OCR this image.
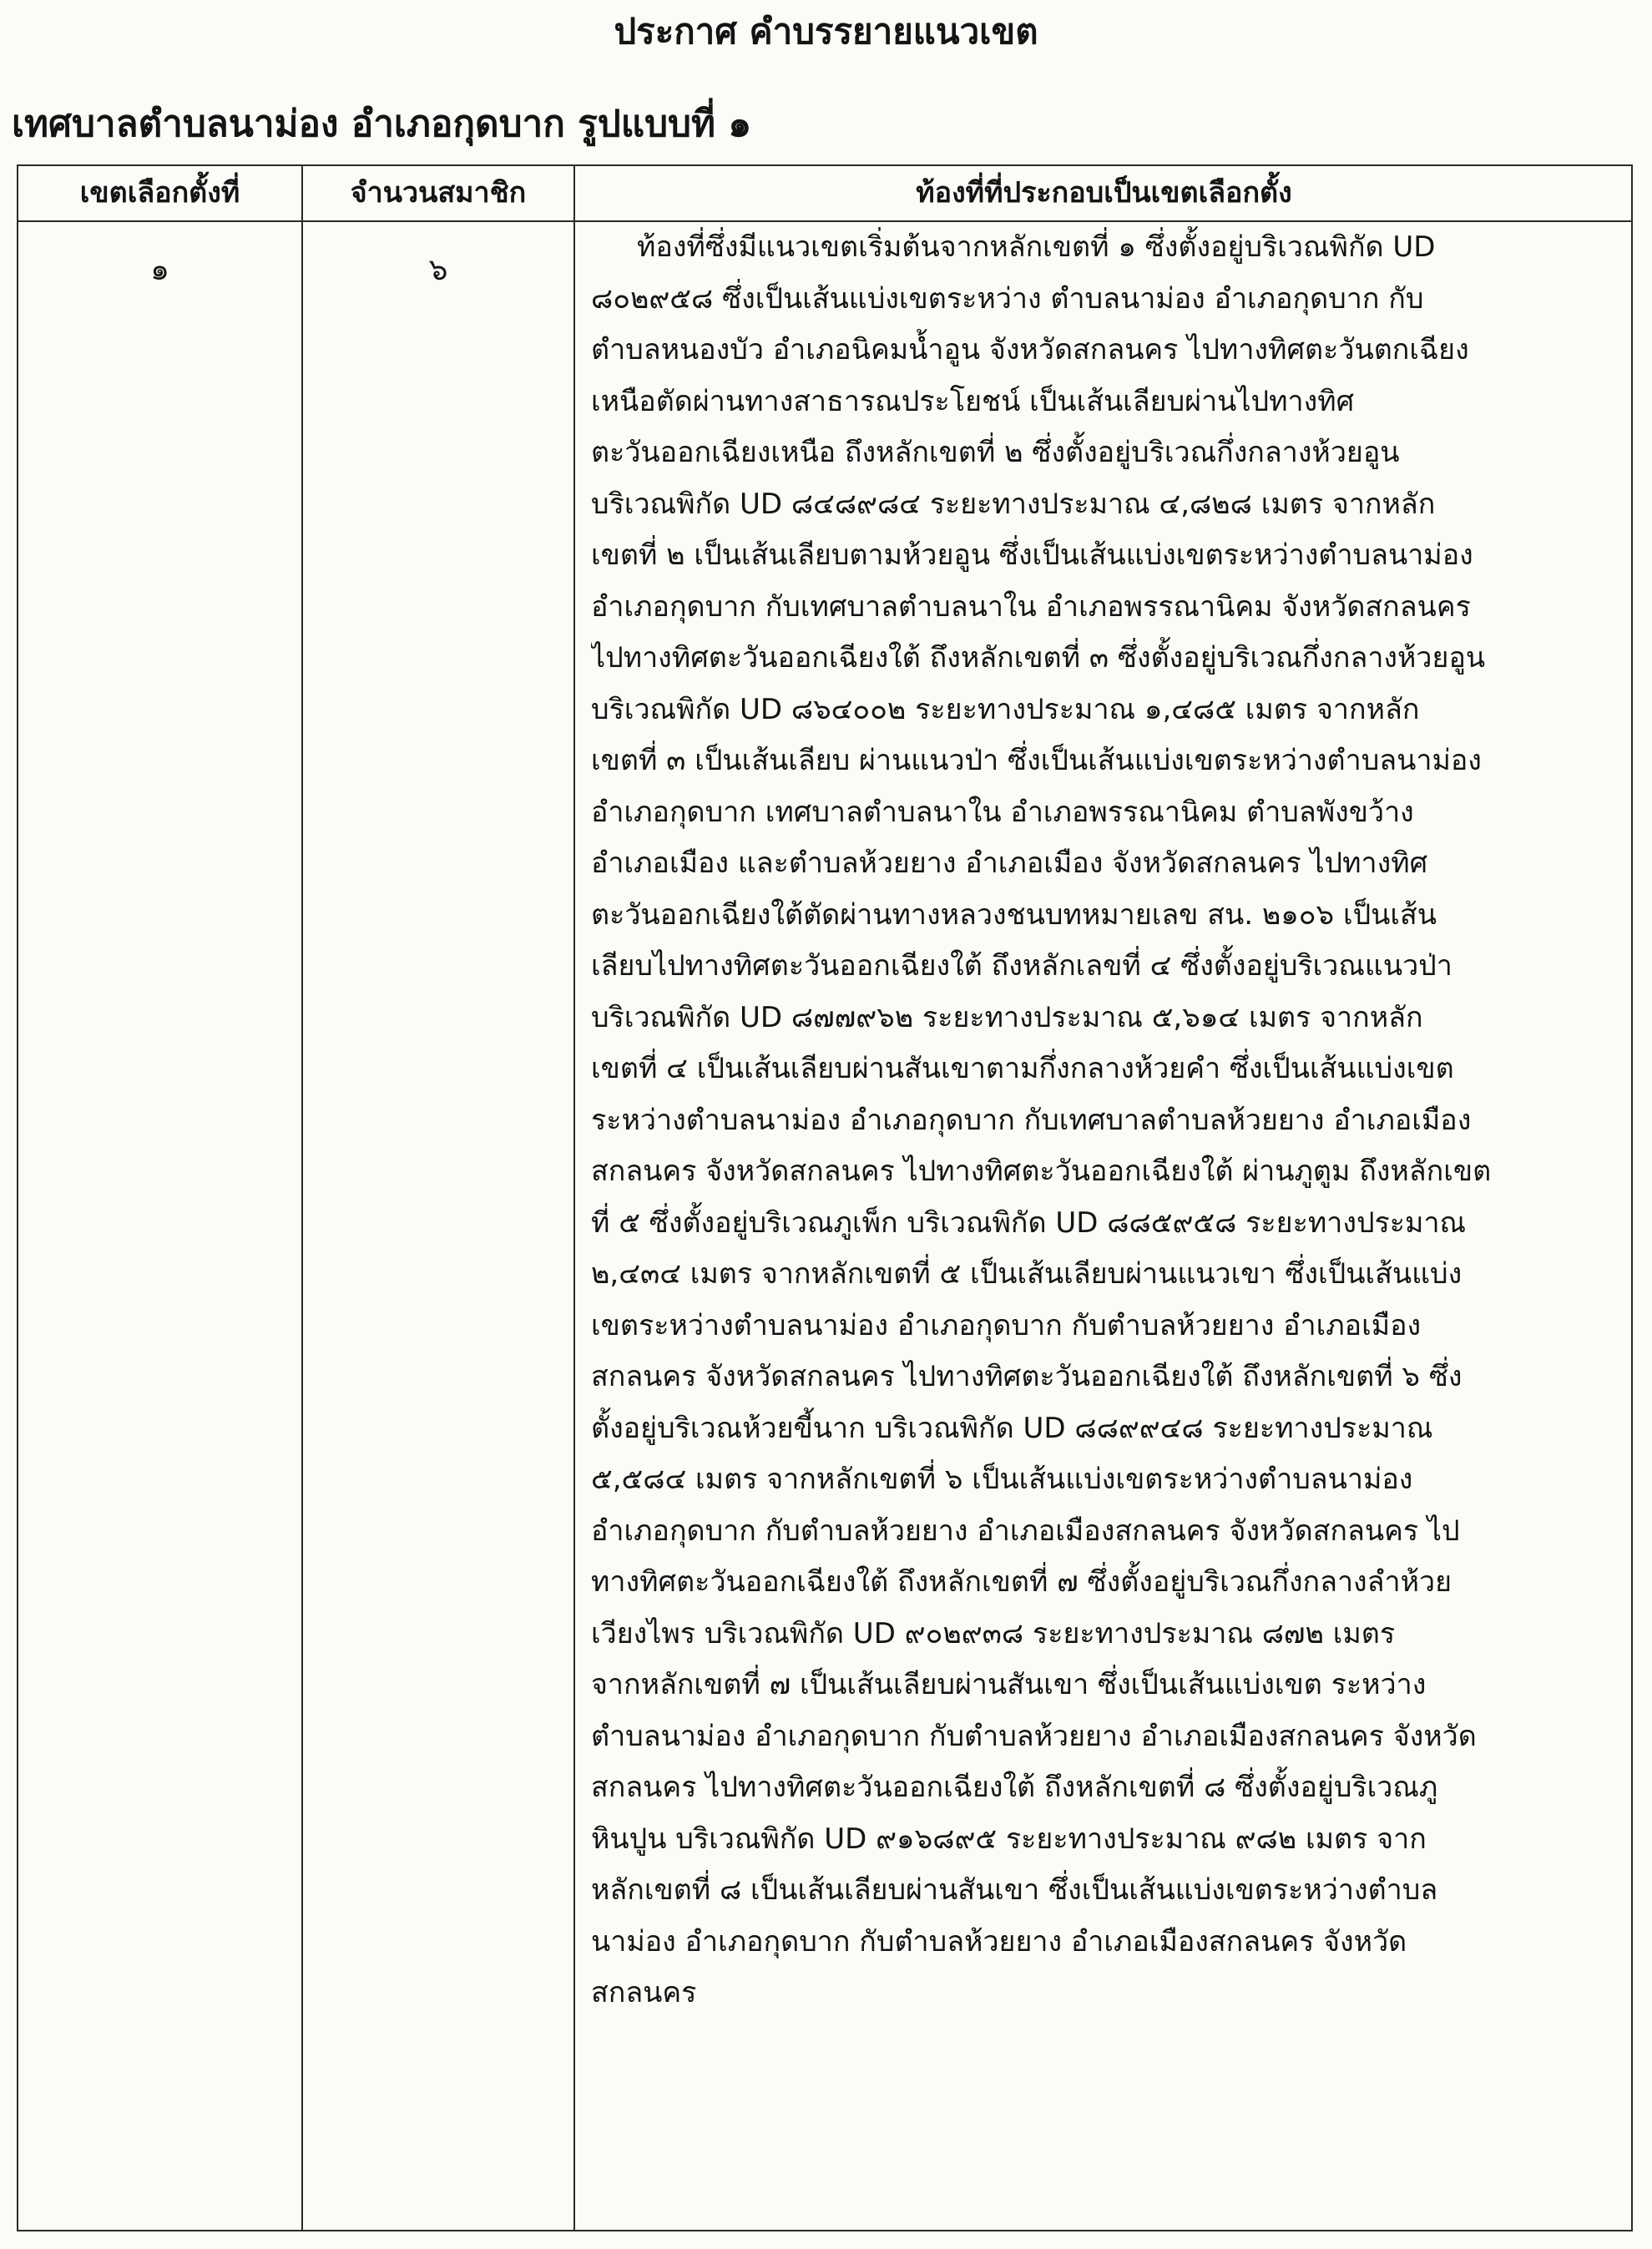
ประกาศ คำบรรยายแนวเขต
เทศบาลตำบลนาม่อง อำเภอกุดบาก รูปแบบที่ ๑
เขตเลือกตั้งที่	จำนวนสมาชิก	ท้องที่ที่ประกอบเป็นเขตเลือกตั้ง
๑	๖
ท้องที่ซึ่งมีแนวเขตเริ่มต้นจากหลักเขตที่ ๑ ซึ่งตั้งอยู่บริเวณพิกัด UD
๘๐๒๙๕๘ ซึ่งเป็นเส้นแบ่งเขตระหว่าง ตำบลนาม่อง อำเภอกุดบาก กับ
ตำบลหนองบัว อำเภอนิคมน้ำอูน จังหวัดสกลนคร ไปทางทิศตะวันตกเฉียง
เหนือตัดผ่านทางสาธารณประโยชน์ เป็นเส้นเลียบผ่านไปทางทิศ
ตะวันออกเฉียงเหนือ ถึงหลักเขตที่ ๒ ซึ่งตั้งอยู่บริเวณกึ่งกลางห้วยอูน
บริเวณพิกัด UD ๘๔๘๙๘๔ ระยะทางประมาณ ๔,๘๒๘ เมตร จากหลัก
เขตที่ ๒ เป็นเส้นเลียบตามห้วยอูน ซึ่งเป็นเส้นแบ่งเขตระหว่างตำบลนาม่อง
อำเภอกุดบาก กับเทศบาลตำบลนาใน อำเภอพรรณานิคม จังหวัดสกลนคร
ไปทางทิศตะวันออกเฉียงใต้ ถึงหลักเขตที่ ๓ ซึ่งตั้งอยู่บริเวณกึ่งกลางห้วยอูน
บริเวณพิกัด UD ๘๖๔๐๐๒ ระยะทางประมาณ ๑,๔๘๕ เมตร จากหลัก
เขตที่ ๓ เป็นเส้นเลียบ ผ่านแนวป่า ซึ่งเป็นเส้นแบ่งเขตระหว่างตำบลนาม่อง
อำเภอกุดบาก เทศบาลตำบลนาใน อำเภอพรรณานิคม ตำบลพังขว้าง
อำเภอเมือง และตำบลห้วยยาง อำเภอเมือง จังหวัดสกลนคร ไปทางทิศ
ตะวันออกเฉียงใต้ตัดผ่านทางหลวงชนบทหมายเลข สน. ๒๑๐๖ เป็นเส้น
เลียบไปทางทิศตะวันออกเฉียงใต้ ถึงหลักเลขที่ ๔ ซึ่งตั้งอยู่บริเวณแนวป่า
บริเวณพิกัด UD ๘๗๗๙๖๒ ระยะทางประมาณ ๕,๖๑๔ เมตร จากหลัก
เขตที่ ๔ เป็นเส้นเลียบผ่านสันเขาตามกึ่งกลางห้วยคำ ซึ่งเป็นเส้นแบ่งเขต
ระหว่างตำบลนาม่อง อำเภอกุดบาก กับเทศบาลตำบลห้วยยาง อำเภอเมือง
สกลนคร จังหวัดสกลนคร ไปทางทิศตะวันออกเฉียงใต้ ผ่านภูตูม ถึงหลักเขต
ที่ ๕ ซึ่งตั้งอยู่บริเวณภูเพ็ก บริเวณพิกัด UD ๘๘๕๙๕๘ ระยะทางประมาณ
๒,๔๓๔ เมตร จากหลักเขตที่ ๕ เป็นเส้นเลียบผ่านแนวเขา ซึ่งเป็นเส้นแบ่ง
เขตระหว่างตำบลนาม่อง อำเภอกุดบาก กับตำบลห้วยยาง อำเภอเมือง
สกลนคร จังหวัดสกลนคร ไปทางทิศตะวันออกเฉียงใต้ ถึงหลักเขตที่ ๖ ซึ่ง
ตั้งอยู่บริเวณห้วยขี้นาก บริเวณพิกัด UD ๘๘๙๙๔๘ ระยะทางประมาณ
๕,๕๘๔ เมตร จากหลักเขตที่ ๖ เป็นเส้นแบ่งเขตระหว่างตำบลนาม่อง
อำเภอกุดบาก กับตำบลห้วยยาง อำเภอเมืองสกลนคร จังหวัดสกลนคร ไป
ทางทิศตะวันออกเฉียงใต้ ถึงหลักเขตที่ ๗ ซึ่งตั้งอยู่บริเวณกึ่งกลางลำห้วย
เวียงไพร บริเวณพิกัด UD ๙๐๒๙๓๘ ระยะทางประมาณ ๘๗๒ เมตร
จากหลักเขตที่ ๗ เป็นเส้นเลียบผ่านสันเขา ซึ่งเป็นเส้นแบ่งเขต ระหว่าง
ตำบลนาม่อง อำเภอกุดบาก กับตำบลห้วยยาง อำเภอเมืองสกลนคร จังหวัด
สกลนคร ไปทางทิศตะวันออกเฉียงใต้ ถึงหลักเขตที่ ๘ ซึ่งตั้งอยู่บริเวณภู
หินปูน บริเวณพิกัด UD ๙๑๖๘๙๕ ระยะทางประมาณ ๙๘๒ เมตร จาก
หลักเขตที่ ๘ เป็นเส้นเลียบผ่านสันเขา ซึ่งเป็นเส้นแบ่งเขตระหว่างตำบล
นาม่อง อำเภอกุดบาก กับตำบลห้วยยาง อำเภอเมืองสกลนคร จังหวัด
สกลนคร
